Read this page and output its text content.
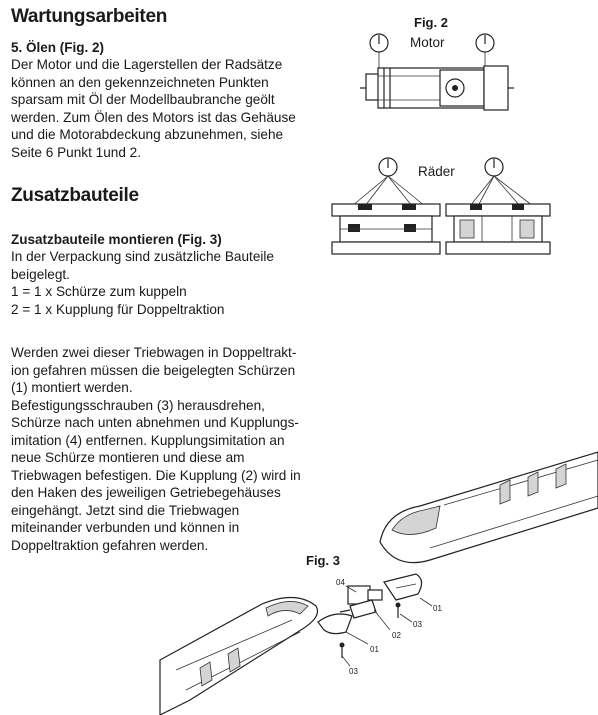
Wartungsarbeiten
5. Ölen (Fig. 2)
Der Motor und die Lagerstellen der Radsätze
können an den gekennzeichneten Punkten
sparsam mit Öl der Modellbaubranche geölt
werden. Zum Ölen des Motors ist das Gehäuse
und die Motorabdeckung abzunehmen, siehe
Seite 6 Punkt 1und 2.
Zusatzbauteile
Zusatzbauteile montieren (Fig. 3)
In der Verpackung sind zusätzliche Bauteile
beigelegt.
1 = 1 x Schürze zum kuppeln
2 = 1 x Kupplung für Doppeltraktion
Werden zwei dieser Triebwagen in Doppeltrakt-
ion gefahren müssen die beigelegten Schürzen
(1) montiert werden.
Befestigungsschrauben (3) herausdrehen,
Schürze nach unten abnehmen und Kupplungs-
imitation (4) entfernen. Kupplungsimitation an
neue Schürze montieren und diese am
Triebwagen befestigen. Die Kupplung (2) wird in
den Haken des jeweiligen Getriebegehäuses
eingehängt. Jetzt sind die Triebwagen
miteinander verbunden und können in
Doppeltraktion gefahren werden.
Fig. 2
Motor
Räder
Fig. 3
04
01
03
02
01
03
